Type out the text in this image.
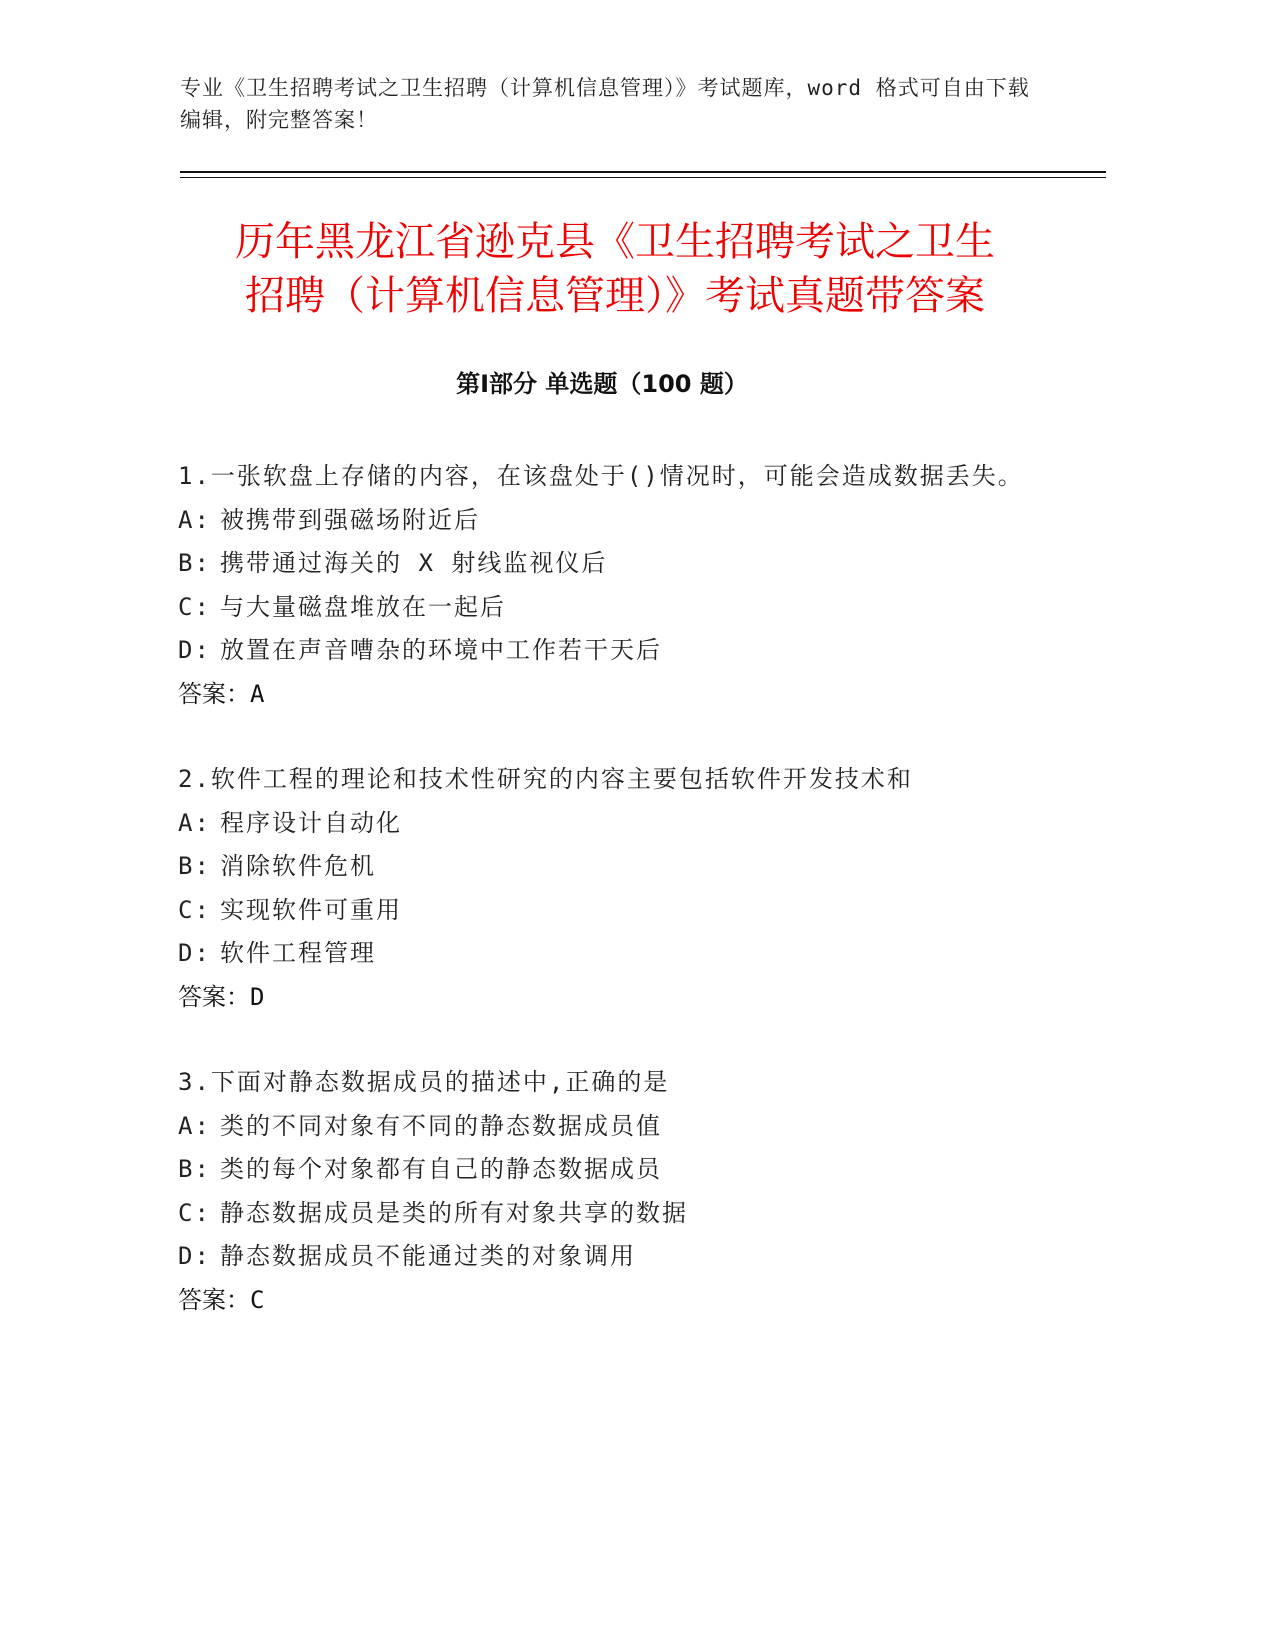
专业《卫生招聘考试之卫生招聘（计算机信息管理）》考试题库，word 格式可自由下载编辑，附完整答案！
历年黑龙江省逊克县《卫生招聘考试之卫生
招聘（计算机信息管理）》考试真题带答案
第Ⅰ部分 单选题（100 题）
1.一张软盘上存储的内容，在该盘处于()情况时，可能会造成数据丢失。
A: 被携带到强磁场附近后
B: 携带通过海关的 X 射线监视仪后
C: 与大量磁盘堆放在一起后
D: 放置在声音嘈杂的环境中工作若干天后
答案：A
2.软件工程的理论和技术性研究的内容主要包括软件开发技术和
A: 程序设计自动化
B: 消除软件危机
C: 实现软件可重用
D: 软件工程管理
答案：D
3.下面对静态数据成员的描述中,正确的是
A: 类的不同对象有不同的静态数据成员值
B: 类的每个对象都有自己的静态数据成员
C: 静态数据成员是类的所有对象共享的数据
D: 静态数据成员不能通过类的对象调用
答案：C
